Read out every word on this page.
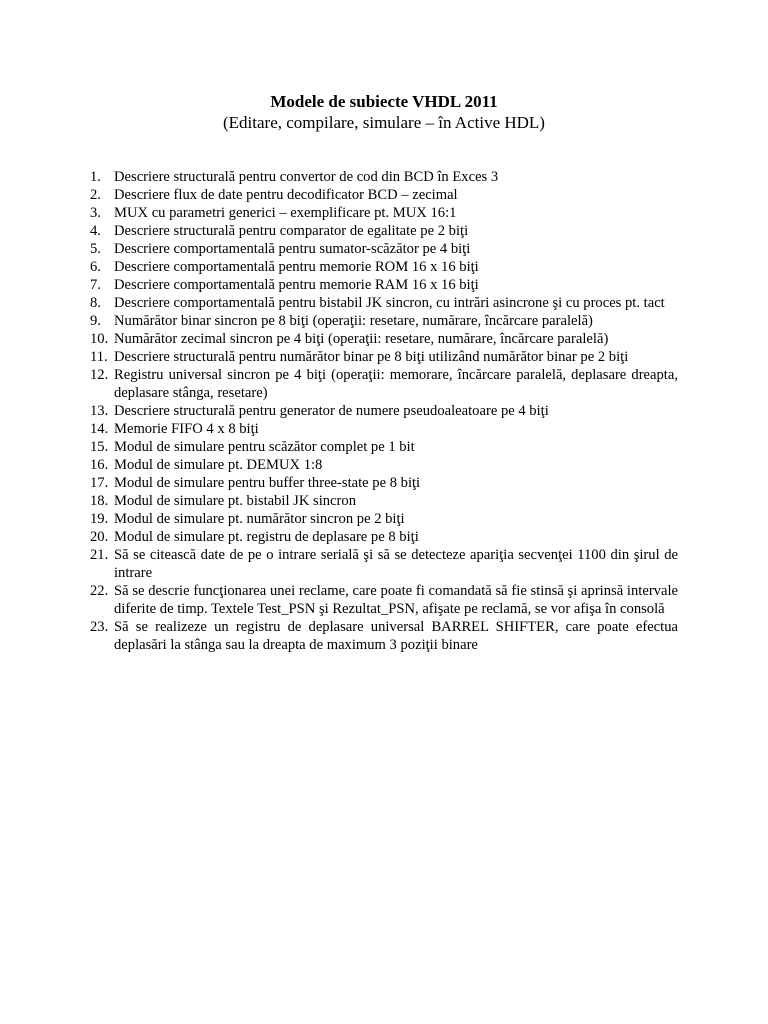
Modele de subiecte VHDL 2011
(Editare, compilare, simulare – în Active HDL)
1. Descriere structurală pentru convertor de cod din BCD în Exces 3
2. Descriere flux de date pentru decodificator BCD – zecimal
3. MUX cu parametri generici – exemplificare pt. MUX 16:1
4. Descriere structurală pentru comparator de egalitate pe 2 biţi
5. Descriere comportamentală pentru sumator-scăzător pe 4 biţi
6. Descriere comportamentală pentru memorie ROM 16 x 16 biţi
7. Descriere comportamentală pentru memorie RAM 16 x 16 biţi
8. Descriere comportamentală pentru bistabil JK sincron, cu intrări asincrone şi cu proces pt. tact
9. Numărător binar sincron pe 8 biţi (operaţii: resetare, numărare, încărcare paralelă)
10. Numărător zecimal sincron pe 4 biţi (operaţii: resetare, numărare, încărcare paralelă)
11. Descriere structurală pentru numărător binar pe 8 biţi utilizând numărător binar pe 2 biţi
12. Registru universal sincron pe 4 biţi (operaţii: memorare, încărcare paralelă, deplasare dreapta, deplasare stânga, resetare)
13. Descriere structurală pentru generator de numere pseudoaleatoare pe 4 biţi
14. Memorie FIFO 4 x 8 biţi
15. Modul de simulare pentru scăzător complet pe 1 bit
16. Modul de simulare pt. DEMUX 1:8
17. Modul de simulare pentru buffer three-state pe 8 biţi
18. Modul de simulare pt. bistabil JK sincron
19. Modul de simulare pt. numărător sincron pe 2 biţi
20. Modul de simulare pt. registru de deplasare pe 8 biţi
21. Să se citească date de pe o intrare serială şi să se detecteze apariţia secvenţei 1100 din şirul de intrare
22. Să se descrie funcţionarea unei reclame, care poate fi comandată să fie stinsă şi aprinsă intervale diferite de timp. Textele Test_PSN şi Rezultat_PSN, afişate pe reclamă, se vor afişa în consolă
23. Să se realizeze un registru de deplasare universal BARREL SHIFTER, care poate efectua deplasări la stânga sau la dreapta de maximum 3 poziţii binare
